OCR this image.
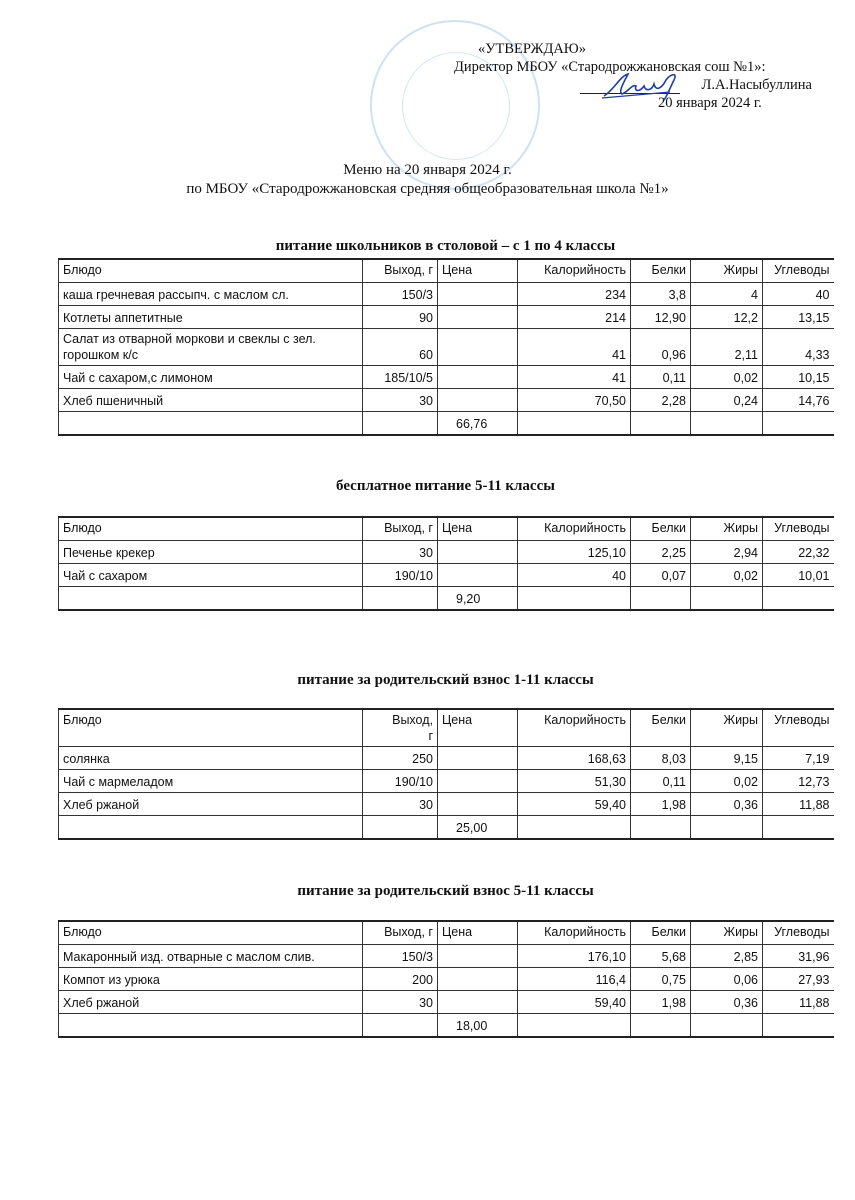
«УТВЕРЖДАЮ»
Директор МБОУ «Стародрожжановская сош №1»:
Л.А.Насыбуллина
20 января 2024 г.
Меню на 20 января 2024 г.
по МБОУ «Стародрожжановская средняя общеобразовательная школа №1»
питание школьников в столовой – с 1 по 4 классы
Блюдо	Выход, г	Цена	Калорийность	Белки	Жиры	Углеводы
каша гречневая рассыпч. с маслом сл.	150/3		234	3,8	4	40
Котлеты аппетитные	90		214	12,90	12,2	13,15
Салат из отварной моркови и свеклы с зел. горошком к/с	60		41	0,96	2,11	4,33
Чай с сахаром,с лимоном	185/10/5		41	0,11	0,02	10,15
Хлеб пшеничный	30		70,50	2,28	0,24	14,76
		66,76				
бесплатное питание 5-11 классы
Блюдо	Выход, г	Цена	Калорийность	Белки	Жиры	Углеводы
Печенье крекер	30		125,10	2,25	2,94	22,32
Чай с сахаром	190/10		40	0,07	0,02	10,01
		9,20				
питание за родительский взнос 1-11 классы
Блюдо	Выход, г	Цена	Калорийность	Белки	Жиры	Углеводы
солянка	250		168,63	8,03	9,15	7,19
Чай с мармеладом	190/10		51,30	0,11	0,02	12,73
Хлеб ржаной	30		59,40	1,98	0,36	11,88
		25,00				
питание за родительский взнос 5-11 классы
Блюдо	Выход, г	Цена	Калорийность	Белки	Жиры	Углеводы
Макаронный изд. отварные с маслом слив.	150/3		176,10	5,68	2,85	31,96
Компот из урюка	200		116,4	0,75	0,06	27,93
Хлеб ржаной	30		59,40	1,98	0,36	11,88
		18,00				
